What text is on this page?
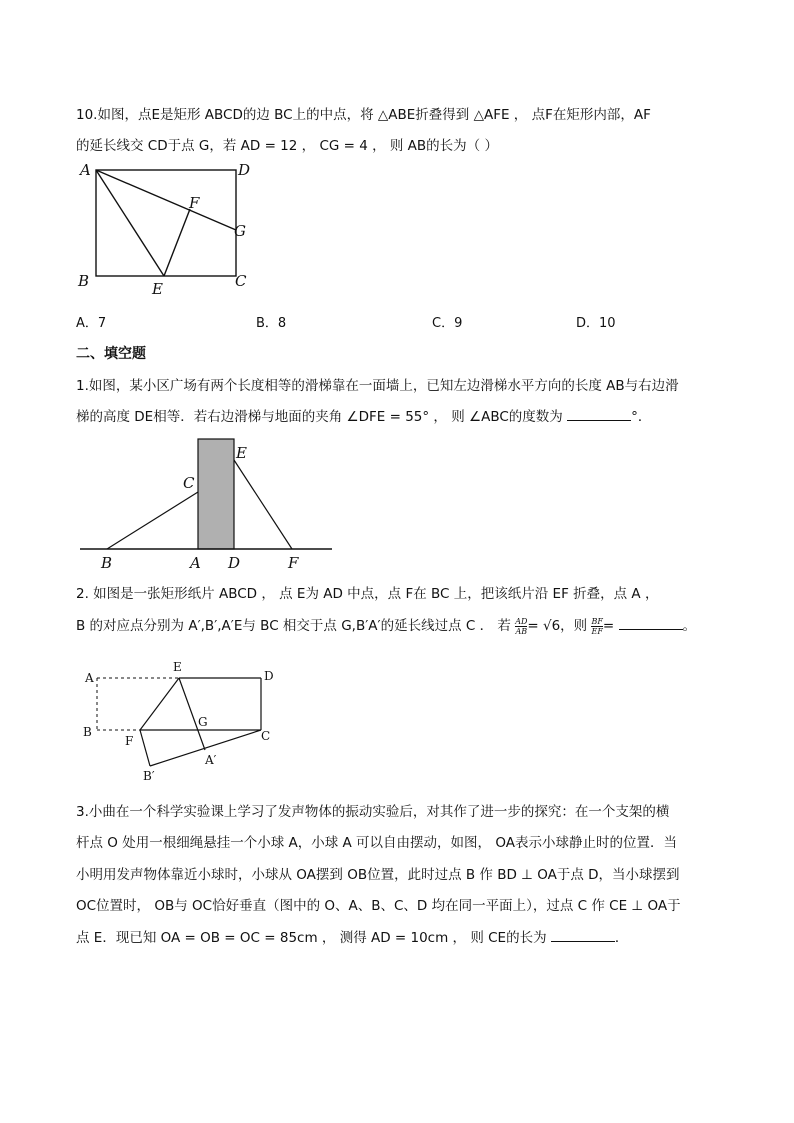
10.如图，点E是矩形 ABCD的边 BC上的中点，将 △ABE折叠得到 △AFE ， 点F在矩形内部，AF
的延长线交 CD于点 G，若 AD = 12 ， CG = 4 ， 则 AB的长为（ ）
A	D
F
G
B	C
E
A．7	B．8	C．9	D．10
二、填空题
1.如图，某小区广场有两个长度相等的滑梯靠在一面墙上，已知左边滑梯水平方向的长度 AB与右边滑
梯的高度 DE相等．若右边滑梯与地面的夹角 ∠DFE = 55° ， 则 ∠ABC的度数为	°．
E
C
B	A D	F
2. 如图是一张矩形纸片 ABCD ， 点 E为 AD 中点，点 F在 BC 上，把该纸片沿 EF 折叠，点 A ，
B 的对应点分别为 A′,B′,A′E与 BC 相交于点 G,B′A′的延长线过点 C ． 若 $\frac{AD}{AB} = √6$，则 $\frac{BF}{EF}$ =	。
A
E
D
G
B
F	C
A′
B′
3.小曲在一个科学实验课上学习了发声物体的振动实验后，对其作了进一步的探究：在一个支架的横
杆点 O 处用一根细绳悬挂一个小球 A，小球 A 可以自由摆动，如图， OA表示小球静止时的位置．当
小明用发声物体靠近小球时，小球从 OA摆到 OB位置，此时过点 B 作 BD ⊥ OA于点 D，当小球摆到
OC位置时， OB与 OC恰好垂直（图中的 O、A、B、C、D 均在同一平面上），过点 C 作 CE ⊥ OA于
点 E．现已知 OA = OB = OC = 85cm ， 测得 AD = 10cm ， 则 CE的长为	．
